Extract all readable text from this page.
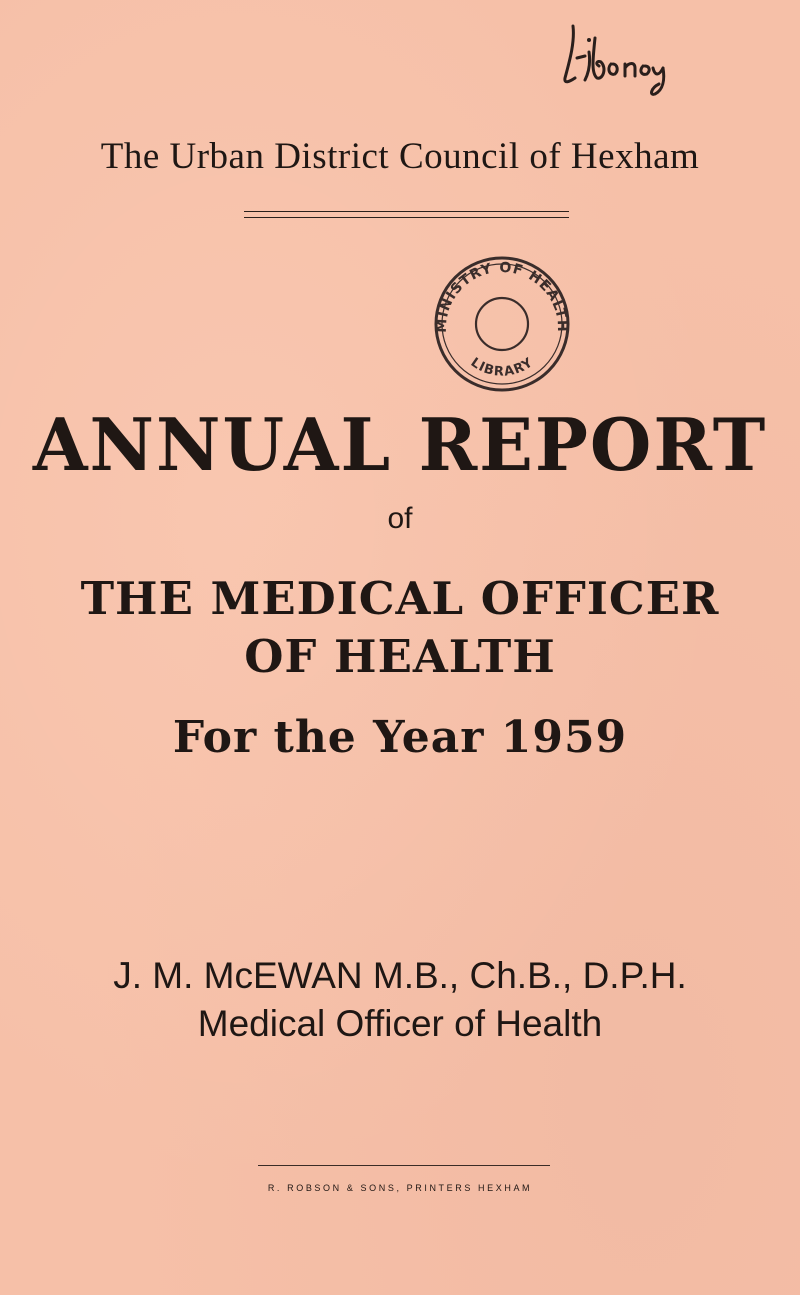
The Urban District Council of Hexham
MINISTRY OF HEALTH
LIBRARY
ANNUAL REPORT
of
THE MEDICAL OFFICER
OF HEALTH
For the Year 1959
J. M. McEWAN M.B., Ch.B., D.P.H.
Medical Officer of Health
R. ROBSON & SONS, PRINTERS HEXHAM
